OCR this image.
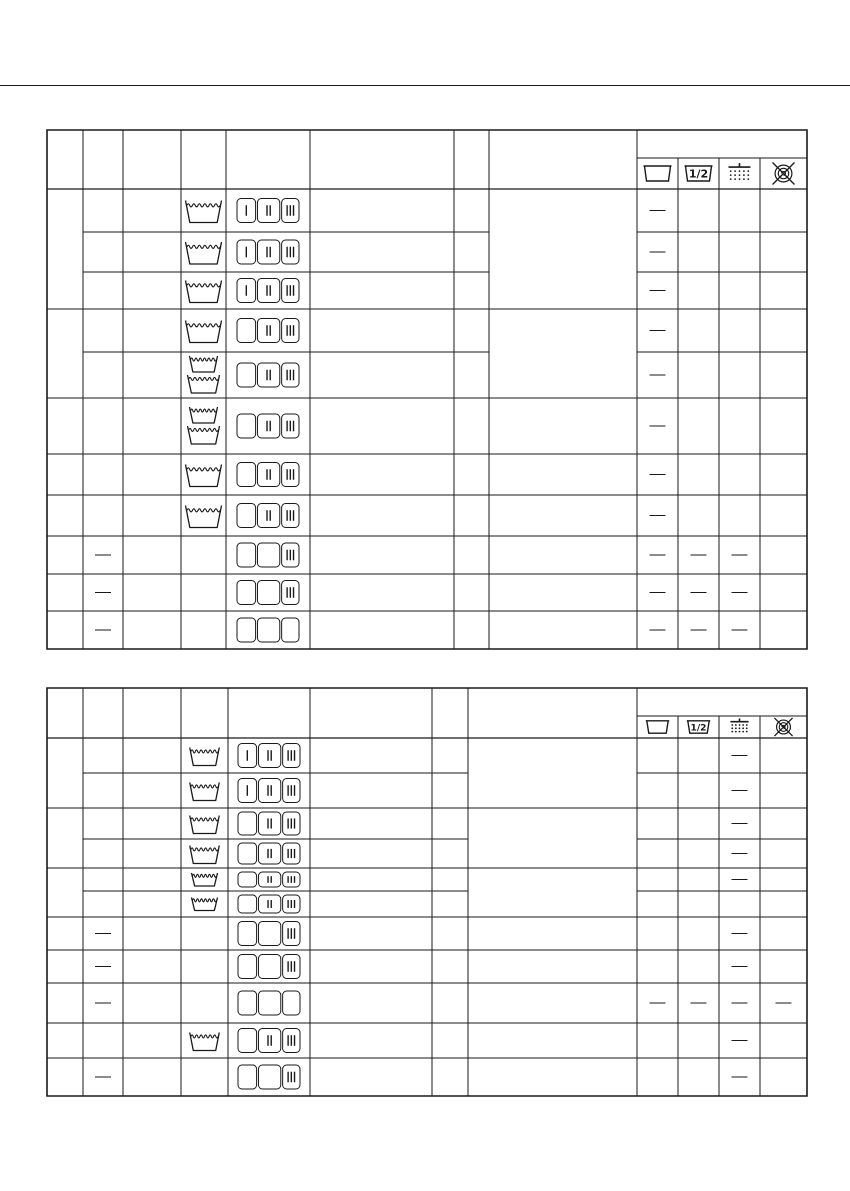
1/2
1/2
